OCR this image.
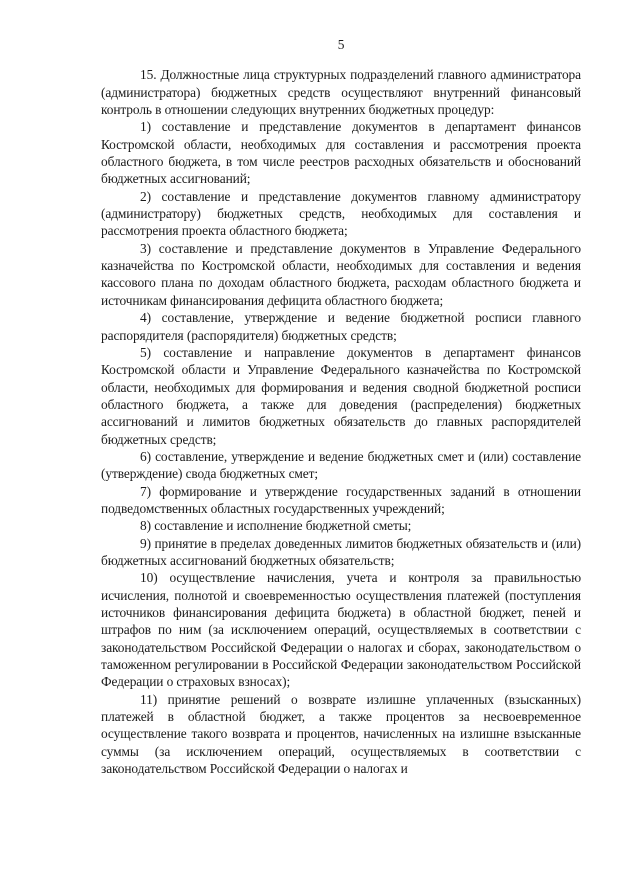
5

15. Должностные лица структурных подразделений главного администратора (администратора) бюджетных средств осуществляют внутренний финансовый контроль в отношении следующих внутренних бюджетных процедур:

1) составление и представление документов в департамент финансов Костромской области, необходимых для составления и рассмотрения проекта областного бюджета, в том числе реестров расходных обязательств и обоснований бюджетных ассигнований;

2) составление и представление документов главному администратору (администратору) бюджетных средств, необходимых для составления и рассмотрения проекта областного бюджета;

3) составление и представление документов в Управление Федерального казначейства по Костромской области, необходимых для составления и ведения кассового плана по доходам областного бюджета, расходам областного бюджета и источникам финансирования дефицита областного бюджета;

4) составление, утверждение и ведение бюджетной росписи главного распорядителя (распорядителя) бюджетных средств;

5) составление и направление документов в департамент финансов Костромской области и Управление Федерального казначейства по Костромской области, необходимых для формирования и ведения сводной бюджетной росписи областного бюджета, а также для доведения (распределения) бюджетных ассигнований и лимитов бюджетных обязательств до главных распорядителей бюджетных средств;

6) составление, утверждение и ведение бюджетных смет и (или) составление (утверждение) свода бюджетных смет;

7) формирование и утверждение государственных заданий в отношении подведомственных областных государственных учреждений;

8) составление и исполнение бюджетной сметы;

9) принятие в пределах доведенных лимитов бюджетных обязательств и (или) бюджетных ассигнований бюджетных обязательств;

10) осуществление начисления, учета и контроля за правильностью исчисления, полнотой и своевременностью осуществления платежей (поступления источников финансирования дефицита бюджета) в областной бюджет, пеней и штрафов по ним (за исключением операций, осуществляемых в соответствии с законодательством Российской Федерации о налогах и сборах, законодательством о таможенном регулировании в Российской Федерации законодательством Российской Федерации о страховых взносах);

11) принятие решений о возврате излишне уплаченных (взысканных) платежей в областной бюджет, а также процентов за несвоевременное осуществление такого возврата и процентов, начисленных на излишне взысканные суммы (за исключением операций, осуществляемых в соответствии с законодательством Российской Федерации о налогах и
